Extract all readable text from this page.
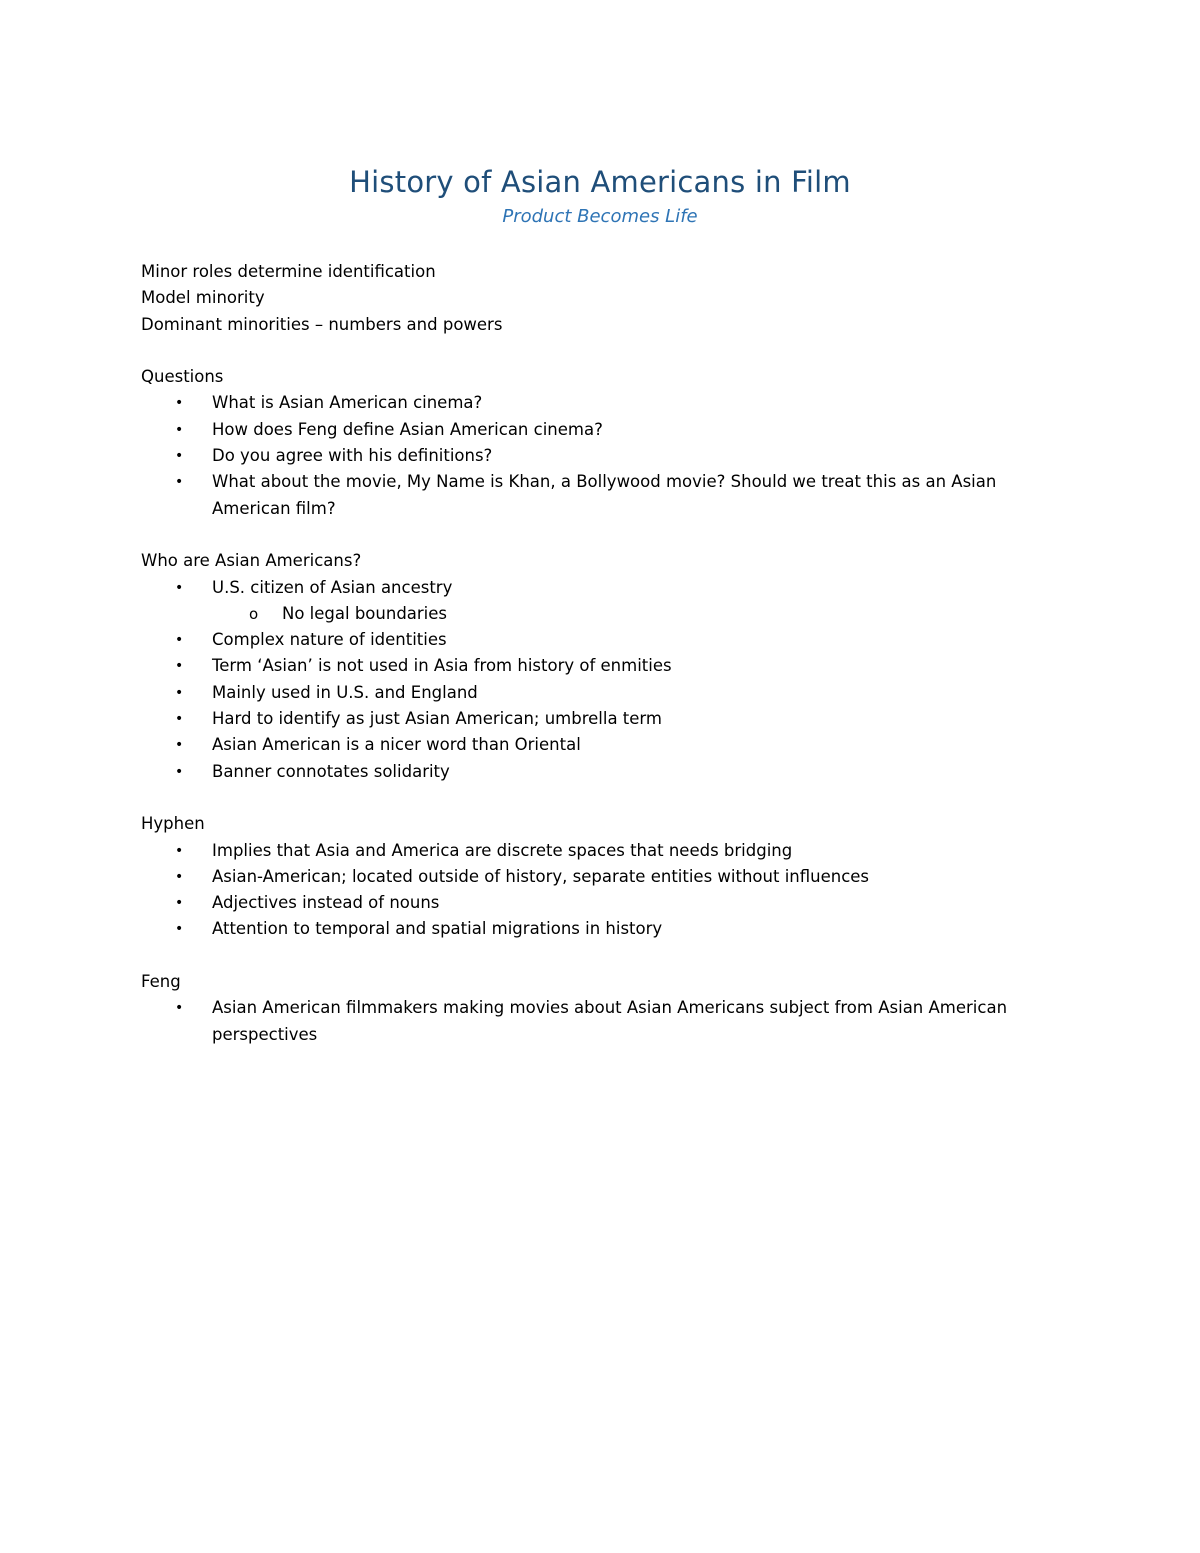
History of Asian Americans in Film
Product Becomes Life
Minor roles determine identification
Model minority
Dominant minorities – numbers and powers
Questions
• What is Asian American cinema?
• How does Feng define Asian American cinema?
• Do you agree with his definitions?
• What about the movie, My Name is Khan, a Bollywood movie? Should we treat this as an Asian American film?
Who are Asian Americans?
• U.S. citizen of Asian ancestry
o No legal boundaries
• Complex nature of identities
• Term ‘Asian’ is not used in Asia from history of enmities
• Mainly used in U.S. and England
• Hard to identify as just Asian American; umbrella term
• Asian American is a nicer word than Oriental
• Banner connotates solidarity
Hyphen
• Implies that Asia and America are discrete spaces that needs bridging
• Asian-American; located outside of history, separate entities without influences
• Adjectives instead of nouns
• Attention to temporal and spatial migrations in history
Feng
• Asian American filmmakers making movies about Asian Americans subject from Asian American perspectives
